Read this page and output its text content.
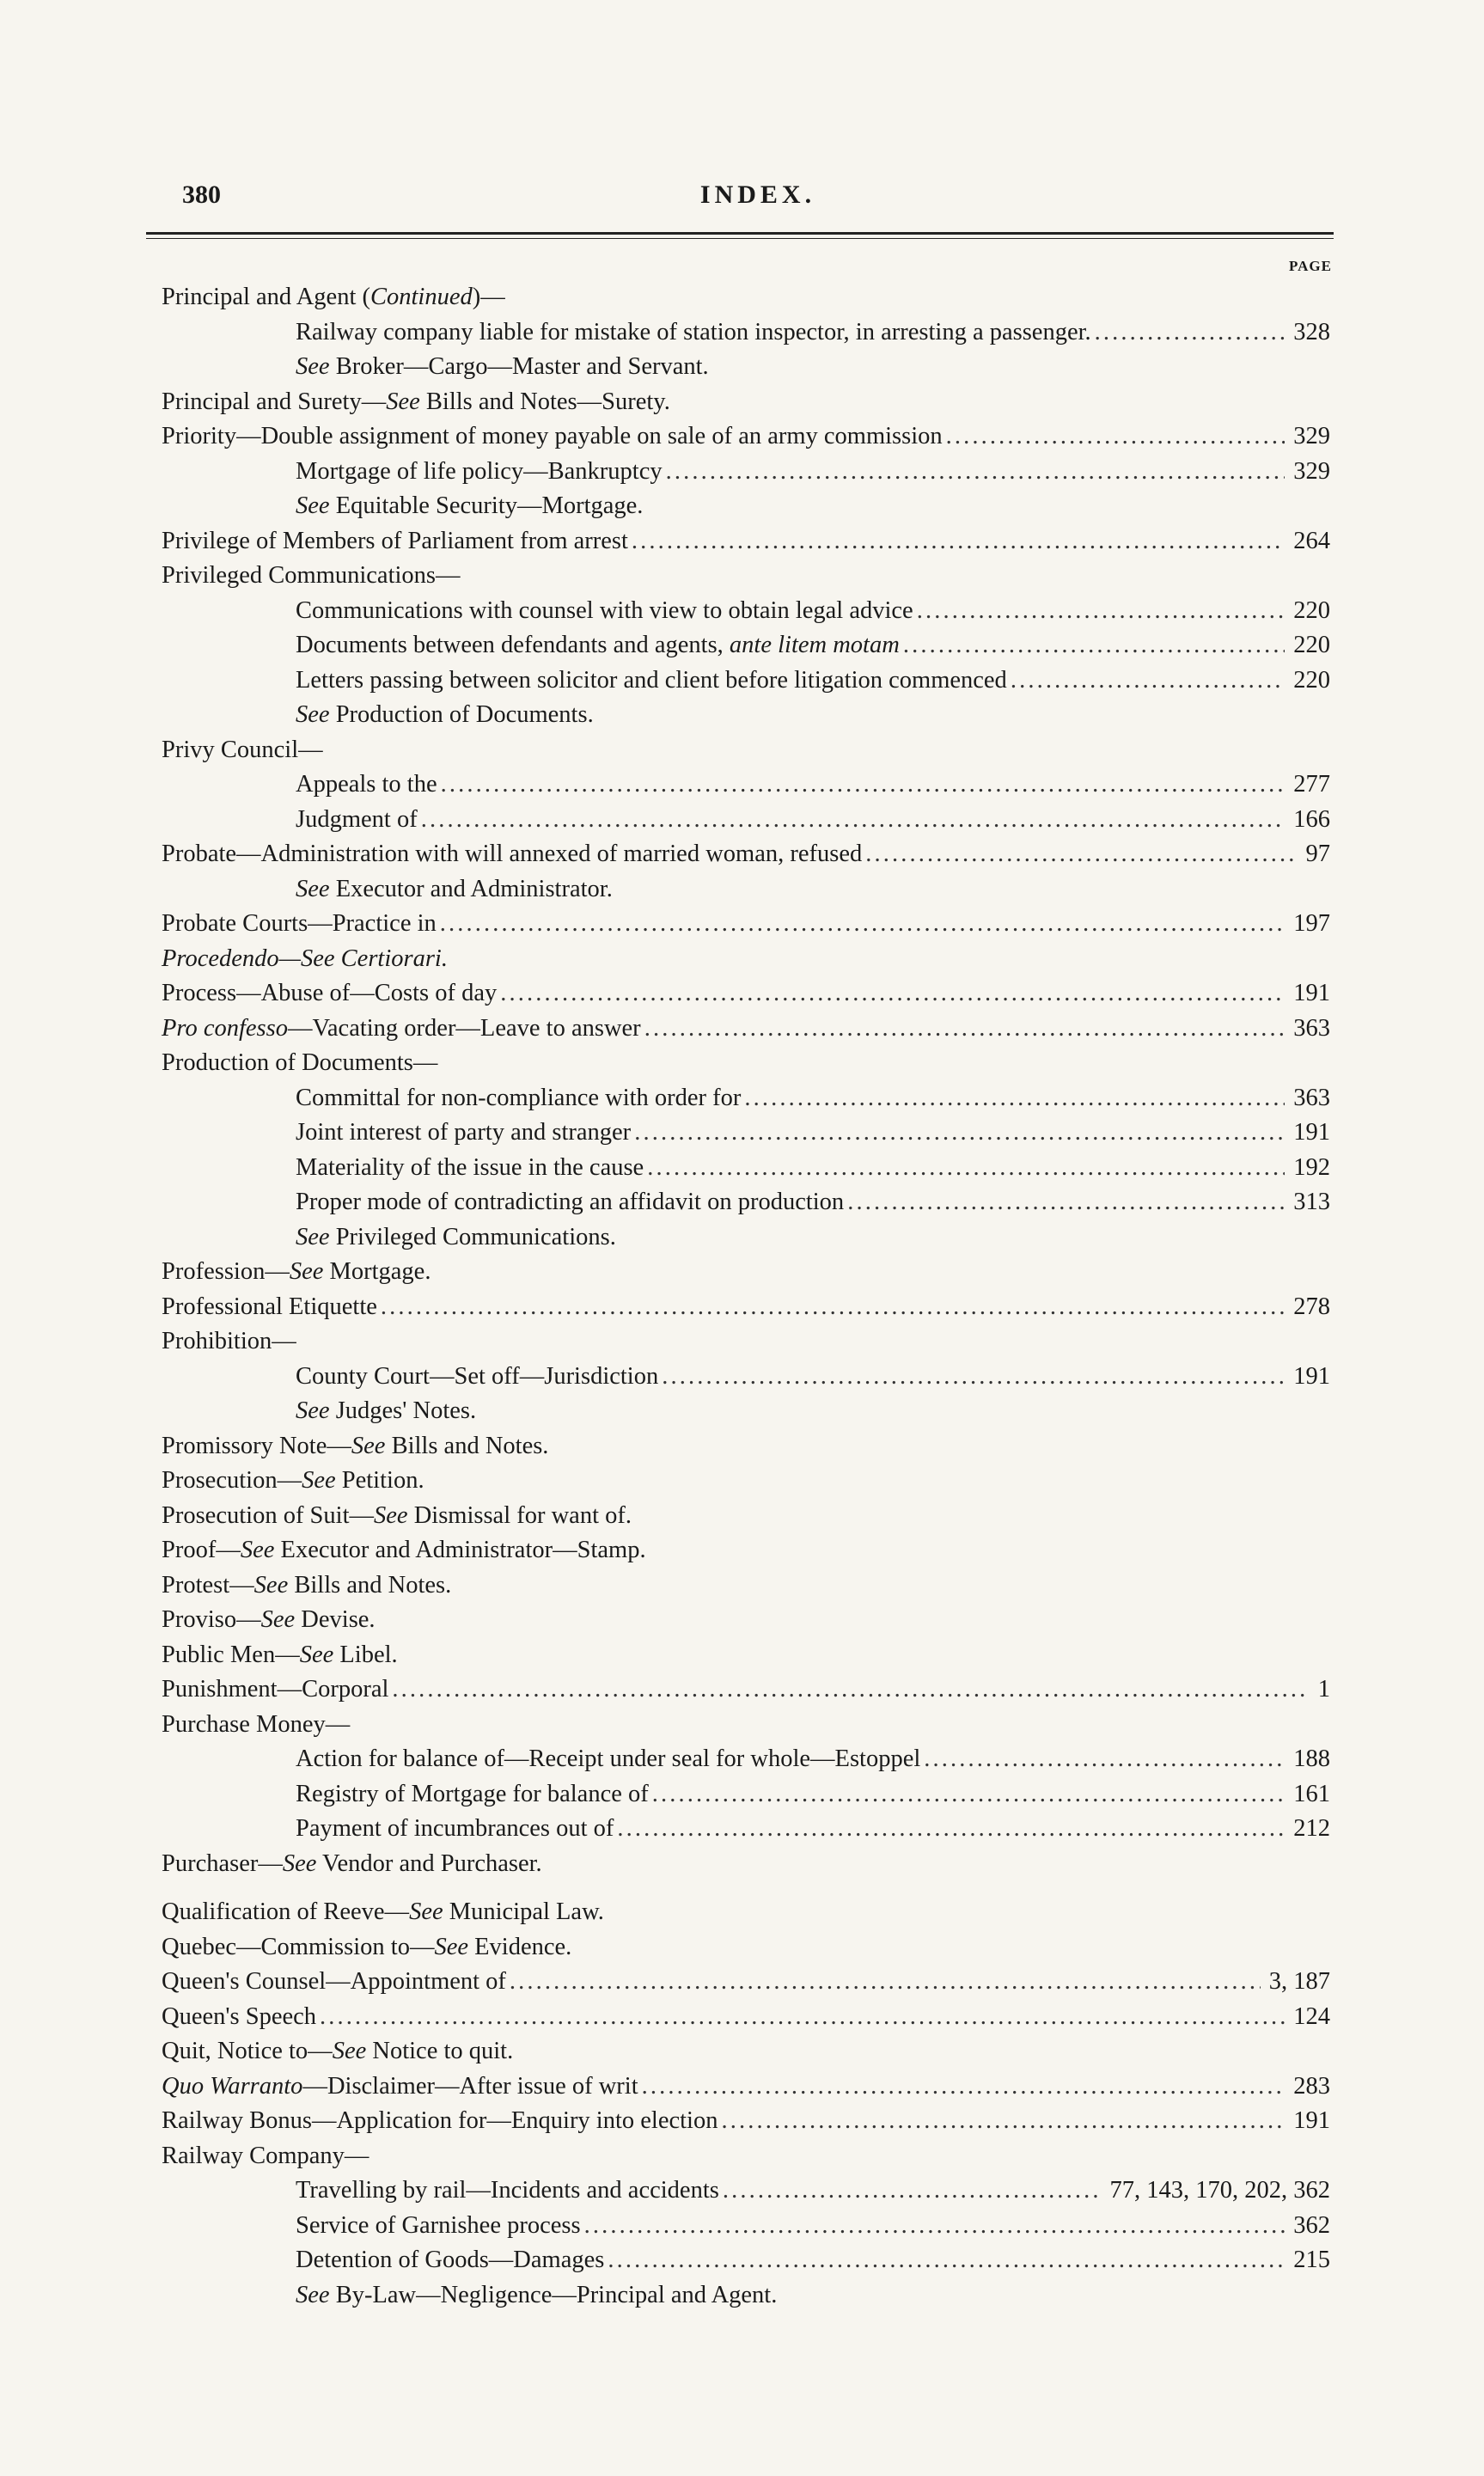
380	INDEX.
PAGE
Principal and Agent (Continued)—
Railway company liable for mistake of station inspector, in arresting a passenger. . . .	328
See Broker—Cargo—Master and Servant.
Principal and Surety—See Bills and Notes—Surety.
Priority—Double assignment of money payable on sale of an army commission . . .	329
Mortgage of life policy—Bankruptcy . . .	329
See Equitable Security—Mortgage.
Privilege of Members of Parliament from arrest . . .	264
Privileged Communications—
Communications with counsel with view to obtain legal advice . . .	220
Documents between defendants and agents, ante litem motam . . .	220
Letters passing between solicitor and client before litigation commenced . . .	220
See Production of Documents.
Privy Council—
Appeals to the . . .	277
Judgment of . . .	166
Probate—Administration with will annexed of married woman, refused . . .	97
See Executor and Administrator.
Probate Courts—Practice in . . .	197
Procedendo—See Certiorari.
Process—Abuse of—Costs of day . . .	191
Pro confesso—Vacating order—Leave to answer . . .	363
Production of Documents—
Committal for non-compliance with order for . . .	363
Joint interest of party and stranger . . .	191
Materiality of the issue in the cause . . .	192
Proper mode of contradicting an affidavit on production . . .	313
See Privileged Communications.
Profession—See Mortgage.
Professional Etiquette . . .	278
Prohibition—
County Court—Set off—Jurisdiction . . .	191
See Judges' Notes.
Promissory Note—See Bills and Notes.
Prosecution—See Petition.
Prosecution of Suit—See Dismissal for want of.
Proof—See Executor and Administrator—Stamp.
Protest—See Bills and Notes.
Proviso—See Devise.
Public Men—See Libel.
Punishment—Corporal . . .	1
Purchase Money—
Action for balance of—Receipt under seal for whole—Estoppel . . .	188
Registry of Mortgage for balance of . . .	161
Payment of incumbrances out of . . .	212
Purchaser—See Vendor and Purchaser.
Qualification of Reeve—See Municipal Law.
Quebec—Commission to—See Evidence.
Queen's Counsel—Appointment of . . .	3, 187
Queen's Speech . . .	124
Quit, Notice to—See Notice to quit.
Quo Warranto—Disclaimer—After issue of writ . . .	283
Railway Bonus—Application for—Enquiry into election . . .	191
Railway Company—
Travelling by rail—Incidents and accidents . . .	77, 143, 170, 202, 362
Service of Garnishee process . . .	362
Detention of Goods—Damages . . .	215
See By-Law—Negligence—Principal and Agent.
